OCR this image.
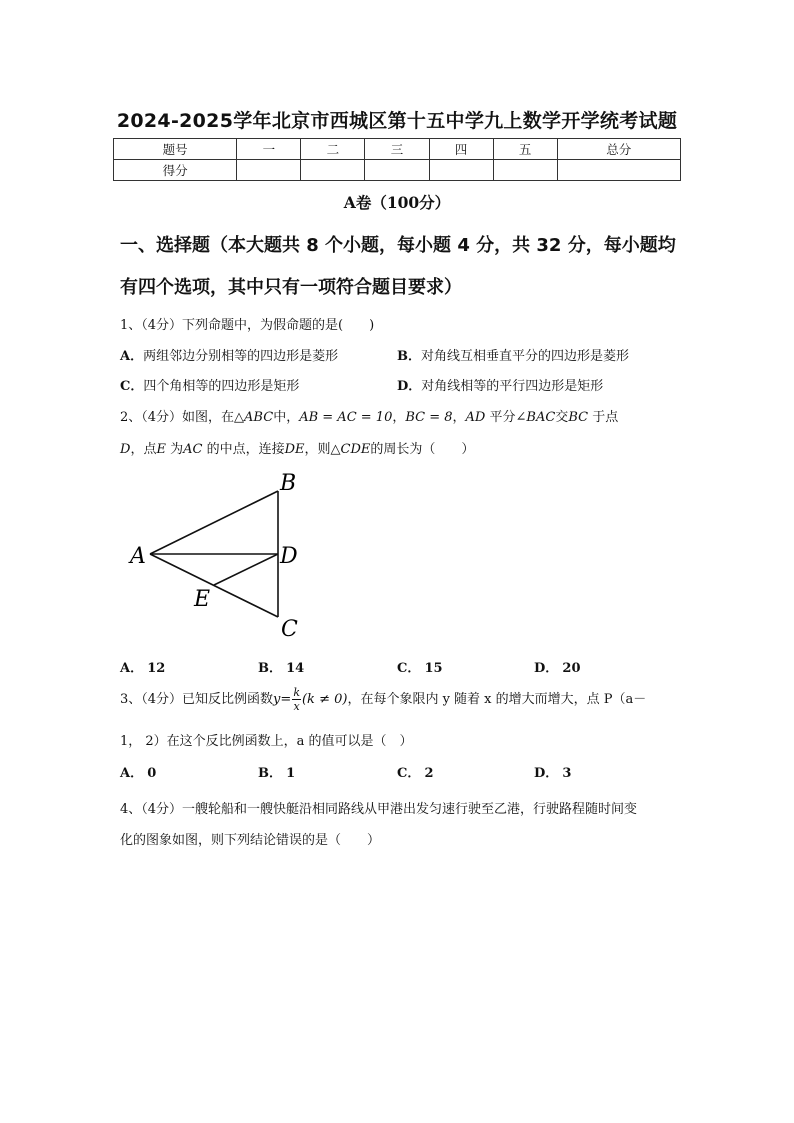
2024-2025学年北京市西城区第十五中学九上数学开学统考试题
题号	一	二	三	四	五	总分
得分						
A卷（100分）
一、选择题（本大题共 8 个小题，每小题 4 分，共 32 分，每小题均
有四个选项，其中只有一项符合题目要求）
1、（4分）下列命题中，为假命题的是(　　)
A．两组邻边分别相等的四边形是菱形	B．对角线互相垂直平分的四边形是菱形
C．四个角相等的四边形是矩形	D．对角线相等的平行四边形是矩形
2、（4分）如图，在△ABC中，AB = AC = 10，BC = 8，AD 平分∠BAC交BC 于点
D，点E 为AC 的中点，连接DE，则△CDE的周长为（　　）
A
B
D
E
C
A． 12	B． 14	C． 15	D． 20
3、（4分）已知反比例函数$y= \frac{k}{x} (k \ne 0)$，在每个象限内 y 随着 x 的增大而增大，点 P（a－
1， 2）在这个反比例函数上，a 的值可以是（　）
A． 0	B． 1	C． 2	D． 3
4、（4分）一艘轮船和一艘快艇沿相同路线从甲港出发匀速行驶至乙港，行驶路程随时间变
化的图象如图，则下列结论错误的是（　　）
